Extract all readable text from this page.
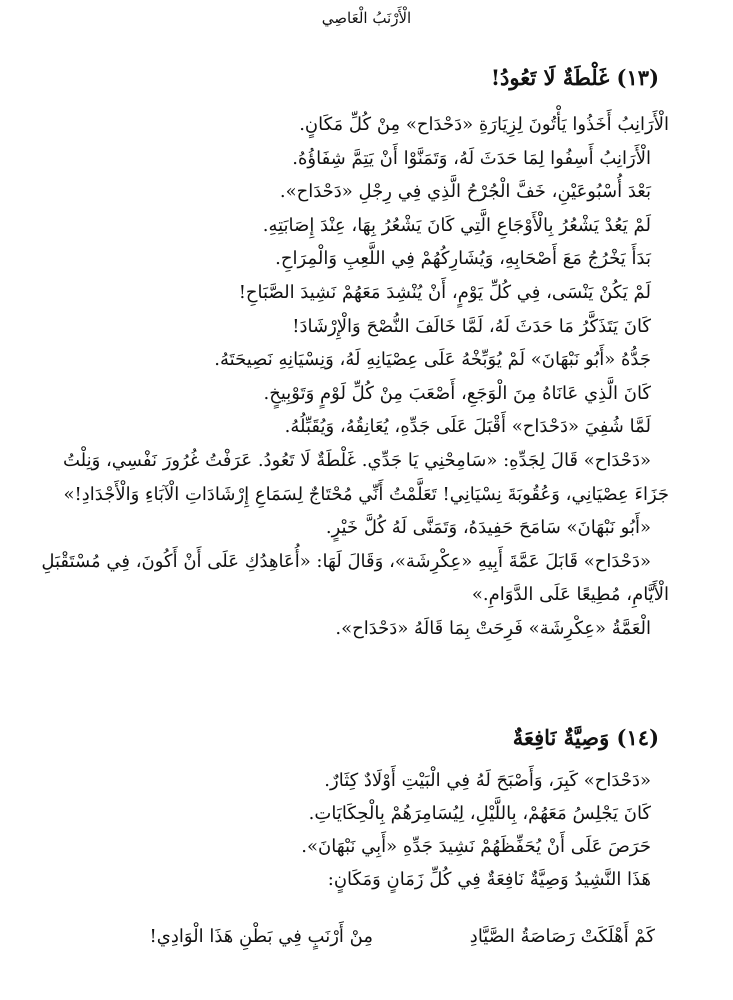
الْأَرْنَبُ الْعَاصِي
(١٣) غَلْطَةٌ لَا تَعُودُ!
الْأَرَانِبُ أَخَذُوا يَأْتُونَ لِزِيَارَةِ «دَحْدَاح» مِنْ كُلِّ مَكَانٍ.
الْأَرَانِبُ أَسِفُوا لِمَا حَدَثَ لَهُ، وَتَمَنَّوْا أَنْ يَتِمَّ شِفَاؤُهُ.
بَعْدَ أُسْبُوعَيْنِ، خَفَّ الْجُرْحُ الَّذِي فِي رِجْلِ «دَحْدَاح».
لَمْ يَعُدْ يَشْعُرُ بِالْأَوْجَاعِ الَّتِي كَانَ يَشْعُرُ بِهَا، عِنْدَ إِصَابَتِهِ.
بَدَأَ يَخْرُجُ مَعَ أَصْحَابِهِ، وَيُشَارِكُهُمْ فِي اللَّعِبِ وَالْمِرَاحِ.
لَمْ يَكُنْ يَنْسَى، فِي كُلِّ يَوْمٍ، أَنْ يُنْشِدَ مَعَهُمْ نَشِيدَ الصَّبَاحِ!
كَانَ يَتَذَكَّرُ مَا حَدَثَ لَهُ، لَمَّا خَالَفَ النُّصْحَ وَالْإِرْشَادَ!
جَدُّهُ «أَبُو نَبْهَانَ» لَمْ يُوَبِّخْهُ عَلَى عِصْيَانِهِ لَهُ، وَنِسْيَانِهِ نَصِيحَتَهُ.
كَانَ الَّذِي عَانَاهُ مِنَ الْوَجَعِ، أَصْعَبَ مِنْ كُلِّ لَوْمٍ وَتَوْبِيخٍ.
لَمَّا شُفِيَ «دَحْدَاح» أَقْبَلَ عَلَى جَدِّهِ، يُعَانِقُهُ، وَيُقَبِّلُهُ.
«دَحْدَاح» قَالَ لِجَدِّهِ: «سَامِحْنِي يَا جَدِّي. غَلْطَةٌ لَا تَعُودُ. عَرَفْتُ غُرُورَ نَفْسِي، وَنِلْتُ
جَزَاءَ عِصْيَانِي، وَعُقُوبَةَ نِسْيَانِي! تَعَلَّمْتُ أَنِّي مُحْتَاجٌ لِسَمَاعِ إِرْشَادَاتِ الْآبَاءِ وَالْأَجْدَادِ!»
«أَبُو نَبْهَانَ» سَامَحَ حَفِيدَهُ، وَتَمَنَّى لَهُ كُلَّ خَيْرٍ.
«دَحْدَاح» قَابَلَ عَمَّةَ أَبِيهِ «عِكْرِشَة»، وَقَالَ لَهَا: «أُعَاهِدُكِ عَلَى أَنْ أَكُونَ، فِي مُسْتَقْبَلِ
الْأَيَّامِ، مُطِيعًا عَلَى الدَّوَامِ.»
الْعَمَّةُ «عِكْرِشَة» فَرِحَتْ بِمَا قَالَهُ «دَحْدَاح».
(١٤) وَصِيَّةٌ نَافِعَةٌ
«دَحْدَاح» كَبِرَ، وَأَصْبَحَ لَهُ فِي الْبَيْتِ أَوْلَادٌ كِثَارٌ.
كَانَ يَجْلِسُ مَعَهُمْ، بِاللَّيْلِ، لِيُسَامِرَهُمْ بِالْحِكَايَاتِ.
حَرَصَ عَلَى أَنْ يُحَفِّظَهُمْ نَشِيدَ جَدِّهِ «أَبِي نَبْهَانَ».
هَذَا النَّشِيدُ وَصِيَّةٌ نَافِعَةٌ فِي كُلِّ زَمَانٍ وَمَكَانٍ:
كَمْ أَهْلَكَتْ رَصَاصَةُ الصَّيَّادِ
مِنْ أَرْنَبٍ فِي بَطْنِ هَذَا الْوَادِي!
